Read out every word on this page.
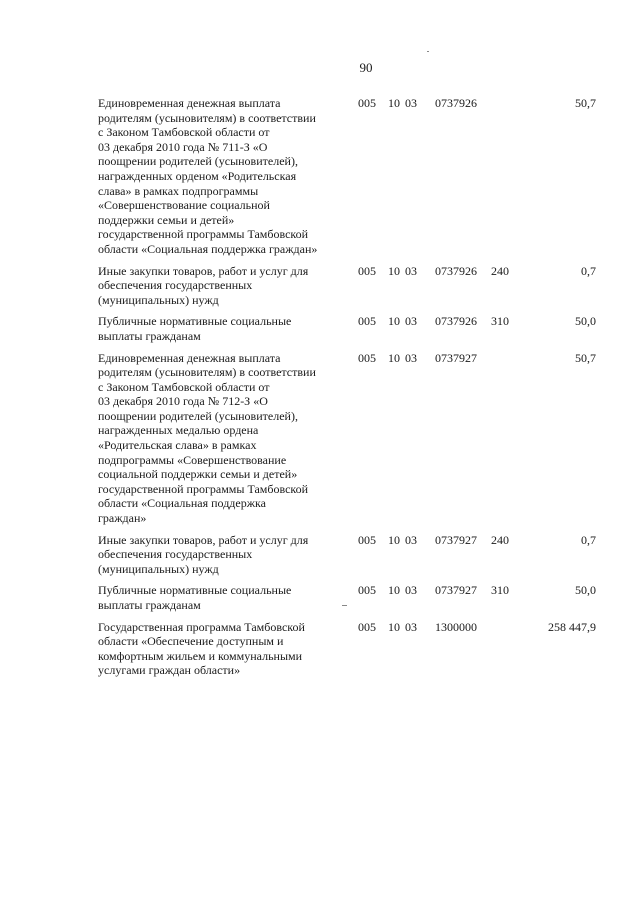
90
Единовременная денежная выплата
родителям (усыновителям) в соответствии
с Законом Тамбовской области от
03 декабря 2010 года № 711-З «О
поощрении родителей (усыновителей),
награжденных орденом «Родительская
слава» в рамках подпрограммы
«Совершенствование социальной
поддержки семьи и детей»
государственной программы Тамбовской
области «Социальная поддержка граждан»
005 10 03 0737926	50,7
Иные закупки товаров, работ и услуг для
обеспечения государственных
(муниципальных) нужд
005 10 03 0737926 240	0,7
Публичные нормативные социальные
выплаты гражданам
005 10 03 0737926 310	50,0
Единовременная денежная выплата
родителям (усыновителям) в соответствии
с Законом Тамбовской области от
03 декабря 2010 года № 712-З «О
поощрении родителей (усыновителей),
награжденных медалью ордена
«Родительская слава» в рамках
подпрограммы «Совершенствование
социальной поддержки семьи и детей»
государственной программы Тамбовской
области «Социальная поддержка
граждан»
005 10 03 0737927	50,7
Иные закупки товаров, работ и услуг для
обеспечения государственных
(муниципальных) нужд
005 10 03 0737927 240	0,7
Публичные нормативные социальные
выплаты гражданам
005 10 03 0737927 310	50,0
Государственная программа Тамбовской
области «Обеспечение доступным и
комфортным жильем и коммунальными
услугами граждан области»
005 10 03 1300000	258 447,9
